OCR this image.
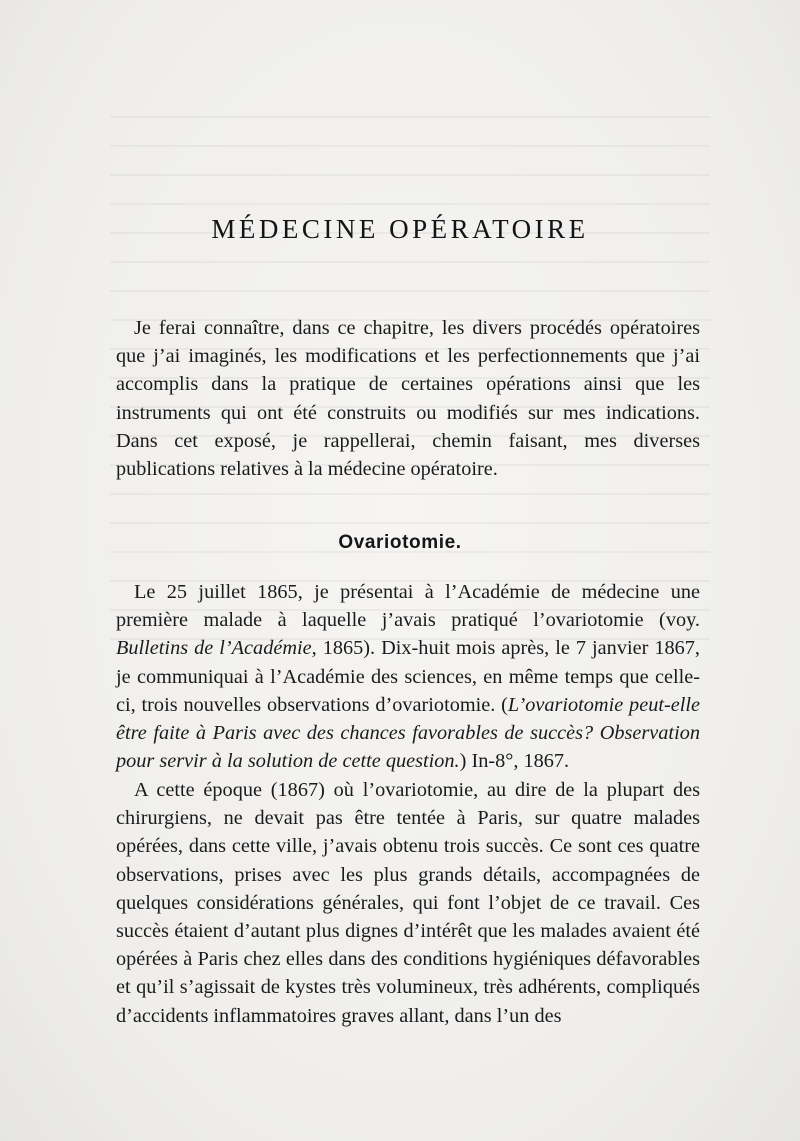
MÉDECINE OPÉRATOIRE

Je ferai connaître, dans ce chapitre, les divers procédés opératoires que j’ai imaginés, les modifications et les perfectionnements que j’ai accomplis dans la pratique de certaines opérations ainsi que les instruments qui ont été construits ou modifiés sur mes indications. Dans cet exposé, je rappellerai, chemin faisant, mes diverses publications relatives à la médecine opératoire.

Ovariotomie.

Le 25 juillet 1865, je présentai à l’Académie de médecine une première malade à laquelle j’avais pratiqué l’ovariotomie (voy. Bulletins de l’Académie, 1865). Dix-huit mois après, le 7 janvier 1867, je communiquai à l’Académie des sciences, en même temps que celle-ci, trois nouvelles observations d’ovariotomie. (L’ovariotomie peut-elle être faite à Paris avec des chances favorables de succès? Observation pour servir à la solution de cette question.) In-8°, 1867.

A cette époque (1867) où l’ovariotomie, au dire de la plupart des chirurgiens, ne devait pas être tentée à Paris, sur quatre malades opérées, dans cette ville, j’avais obtenu trois succès. Ce sont ces quatre observations, prises avec les plus grands détails, accompagnées de quelques considérations générales, qui font l’objet de ce travail. Ces succès étaient d’autant plus dignes d’intérêt que les malades avaient été opérées à Paris chez elles dans des conditions hygiéniques défavorables et qu’il s’agissait de kystes très volumineux, très adhérents, compliqués d’accidents inflammatoires graves allant, dans l’un des
